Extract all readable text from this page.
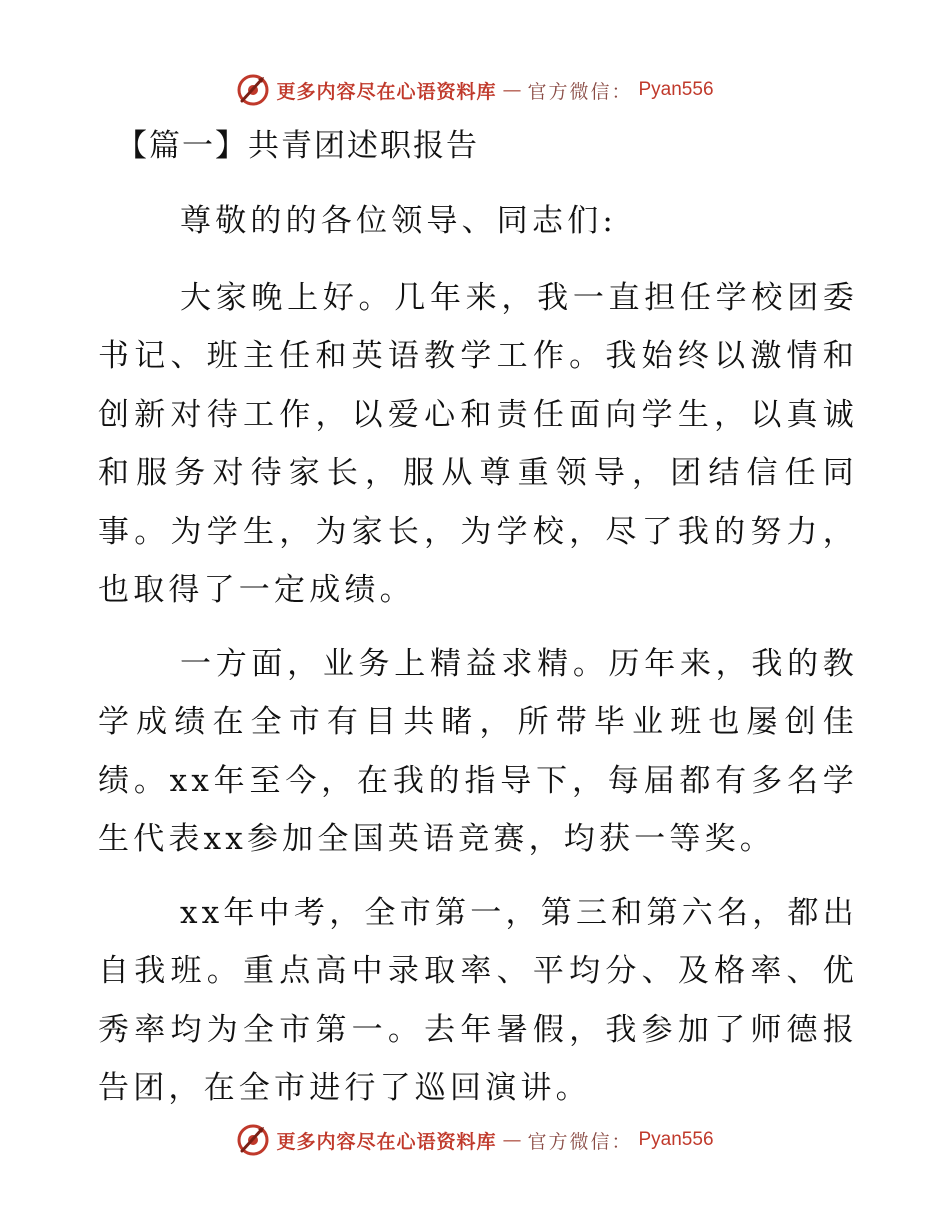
更多内容尽在心语资料库 — 官方微信： Pyan556
【篇一】共青团述职报告

尊敬的的各位领导、同志们:

大家晚上好。几年来，我一直担任学校团委书记、班主任和英语教学工作。我始终以激情和创新对待工作，以爱心和责任面向学生，以真诚和服务对待家长，服从尊重领导，团结信任同事。为学生，为家长，为学校，尽了我的努力，也取得了一定成绩。

一方面，业务上精益求精。历年来，我的教学成绩在全市有目共睹，所带毕业班也屡创佳绩。xx年至今，在我的指导下，每届都有多名学生代表xx参加全国英语竞赛，均获一等奖。

xx年中考，全市第一，第三和第六名，都出自我班。重点高中录取率、平均分、及格率、优秀率均为全市第一。去年暑假，我参加了师德报告团，在全市进行了巡回演讲。

更多内容尽在心语资料库 — 官方微信： Pyan556
